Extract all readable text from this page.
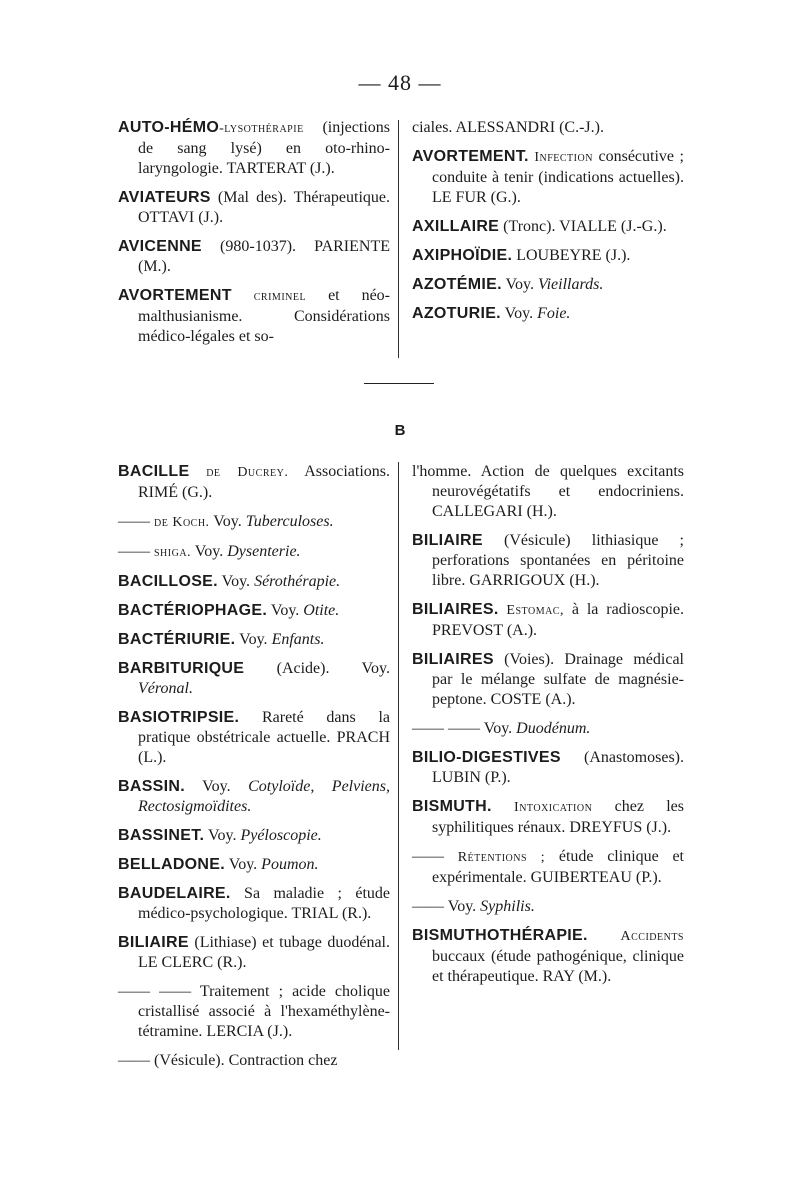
— 48 —
AUTO-HÉMO-lysothérapie (injections de sang lysé) en oto-rhino-laryngologie. TARTERAT (J.).
AVIATEURS (Mal des). Thérapeutique. OTTAVI (J.).
AVICENNE (980-1037). PARIENTE (M.).
AVORTEMENT criminel et néo-malthusianisme. Considérations médico-légales et so-
ciales. ALESSANDRI (C.-J.).
AVORTEMENT. Infection consécutive ; conduite à tenir (indications actuelles). LE FUR (G.).
AXILLAIRE (Tronc). VIALLE (J.-G.).
AXIPHOÏDIE. LOUBEYRE (J.).
AZOTÉMIE. Voy. Vieillards.
AZOTURIE. Voy. Foie.
B
BACILLE de Ducrey. Associations. RIMÉ (G.).
—— de Koch. Voy. Tuberculoses.
—— shiga. Voy. Dysenterie.
BACILLOSE. Voy. Sérothérapie.
BACTÉRIOPHAGE. Voy. Otite.
BACTÉRIURIE. Voy. Enfants.
BARBITURIQUE (Acide). Voy. Véronal.
BASIOTRIPSIE. Rareté dans la pratique obstétricale actuelle. PRACH (L.).
BASSIN. Voy. Cotyloïde, Pelviens, Rectosigmoïdites.
BASSINET. Voy. Pyéloscopie.
BELLADONE. Voy. Poumon.
BAUDELAIRE. Sa maladie ; étude médico-psychologique. TRIAL (R.).
BILIAIRE (Lithiase) et tubage duodénal. LE CLERC (R.).
—— —— Traitement ; acide cholique cristallisé associé à l'hexaméthylène-tétramine. LERCIA (J.).
—— (Vésicule). Contraction chez
l'homme. Action de quelques excitants neurovégétatifs et endocriniens. CALLEGARI (H.).
BILIAIRE (Vésicule) lithiasique ; perforations spontanées en péritoine libre. GARRIGOUX (H.).
BILIAIRES. Estomac, à la radioscopie. PREVOST (A.).
BILIAIRES (Voies). Drainage médical par le mélange sulfate de magnésie-peptone. COSTE (A.).
—— —— Voy. Duodénum.
BILIO-DIGESTIVES (Anastomoses). LUBIN (P.).
BISMUTH. Intoxication chez les syphilitiques rénaux. DREYFUS (J.).
—— Rétentions ; étude clinique et expérimentale. GUIBERTEAU (P.).
—— Voy. Syphilis.
BISMUTHOTHÉRAPIE. Accidents buccaux (étude pathogénique, clinique et thérapeutique. RAY (M.).
